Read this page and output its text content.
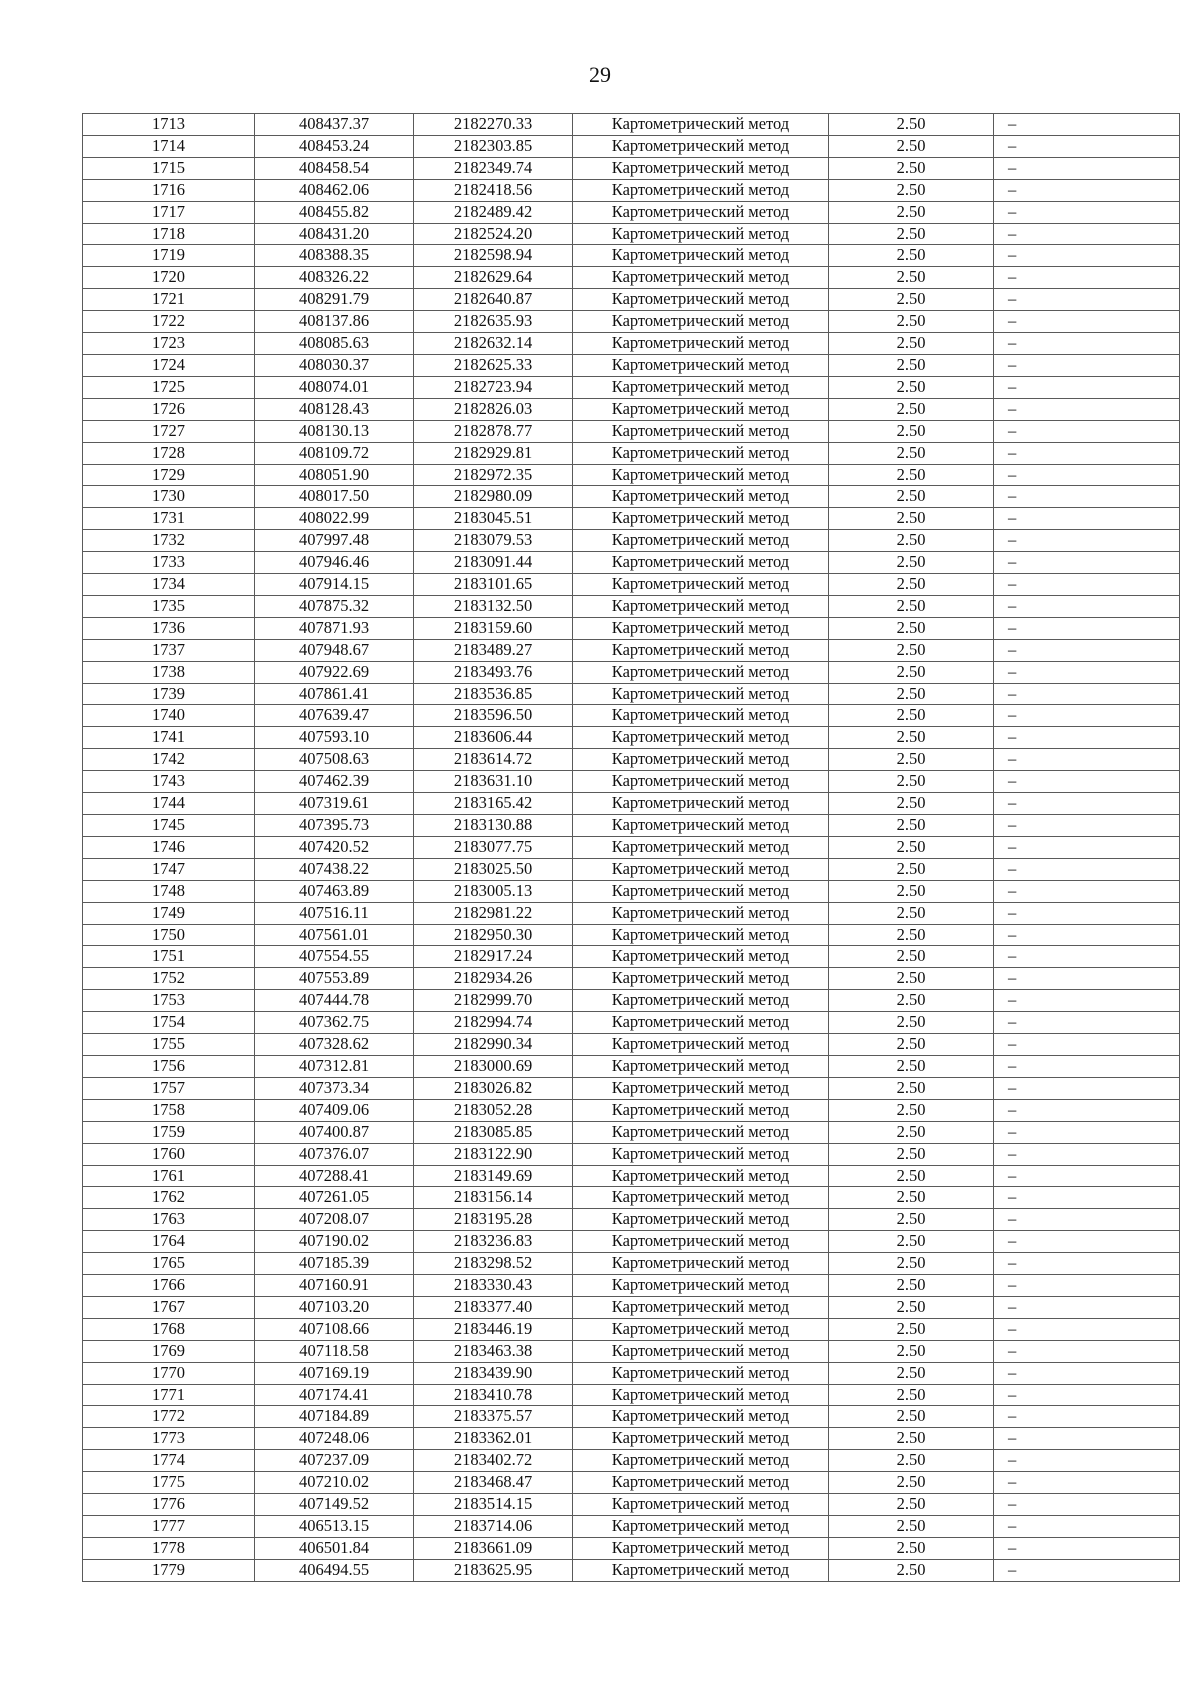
29
1713	408437.37	2182270.33	Картометрический метод	2.50	–
1714	408453.24	2182303.85	Картометрический метод	2.50	–
1715	408458.54	2182349.74	Картометрический метод	2.50	–
1716	408462.06	2182418.56	Картометрический метод	2.50	–
1717	408455.82	2182489.42	Картометрический метод	2.50	–
1718	408431.20	2182524.20	Картометрический метод	2.50	–
1719	408388.35	2182598.94	Картометрический метод	2.50	–
1720	408326.22	2182629.64	Картометрический метод	2.50	–
1721	408291.79	2182640.87	Картометрический метод	2.50	–
1722	408137.86	2182635.93	Картометрический метод	2.50	–
1723	408085.63	2182632.14	Картометрический метод	2.50	–
1724	408030.37	2182625.33	Картометрический метод	2.50	–
1725	408074.01	2182723.94	Картометрический метод	2.50	–
1726	408128.43	2182826.03	Картометрический метод	2.50	–
1727	408130.13	2182878.77	Картометрический метод	2.50	–
1728	408109.72	2182929.81	Картометрический метод	2.50	–
1729	408051.90	2182972.35	Картометрический метод	2.50	–
1730	408017.50	2182980.09	Картометрический метод	2.50	–
1731	408022.99	2183045.51	Картометрический метод	2.50	–
1732	407997.48	2183079.53	Картометрический метод	2.50	–
1733	407946.46	2183091.44	Картометрический метод	2.50	–
1734	407914.15	2183101.65	Картометрический метод	2.50	–
1735	407875.32	2183132.50	Картометрический метод	2.50	–
1736	407871.93	2183159.60	Картометрический метод	2.50	–
1737	407948.67	2183489.27	Картометрический метод	2.50	–
1738	407922.69	2183493.76	Картометрический метод	2.50	–
1739	407861.41	2183536.85	Картометрический метод	2.50	–
1740	407639.47	2183596.50	Картометрический метод	2.50	–
1741	407593.10	2183606.44	Картометрический метод	2.50	–
1742	407508.63	2183614.72	Картометрический метод	2.50	–
1743	407462.39	2183631.10	Картометрический метод	2.50	–
1744	407319.61	2183165.42	Картометрический метод	2.50	–
1745	407395.73	2183130.88	Картометрический метод	2.50	–
1746	407420.52	2183077.75	Картометрический метод	2.50	–
1747	407438.22	2183025.50	Картометрический метод	2.50	–
1748	407463.89	2183005.13	Картометрический метод	2.50	–
1749	407516.11	2182981.22	Картометрический метод	2.50	–
1750	407561.01	2182950.30	Картометрический метод	2.50	–
1751	407554.55	2182917.24	Картометрический метод	2.50	–
1752	407553.89	2182934.26	Картометрический метод	2.50	–
1753	407444.78	2182999.70	Картометрический метод	2.50	–
1754	407362.75	2182994.74	Картометрический метод	2.50	–
1755	407328.62	2182990.34	Картометрический метод	2.50	–
1756	407312.81	2183000.69	Картометрический метод	2.50	–
1757	407373.34	2183026.82	Картометрический метод	2.50	–
1758	407409.06	2183052.28	Картометрический метод	2.50	–
1759	407400.87	2183085.85	Картометрический метод	2.50	–
1760	407376.07	2183122.90	Картометрический метод	2.50	–
1761	407288.41	2183149.69	Картометрический метод	2.50	–
1762	407261.05	2183156.14	Картометрический метод	2.50	–
1763	407208.07	2183195.28	Картометрический метод	2.50	–
1764	407190.02	2183236.83	Картометрический метод	2.50	–
1765	407185.39	2183298.52	Картометрический метод	2.50	–
1766	407160.91	2183330.43	Картометрический метод	2.50	–
1767	407103.20	2183377.40	Картометрический метод	2.50	–
1768	407108.66	2183446.19	Картометрический метод	2.50	–
1769	407118.58	2183463.38	Картометрический метод	2.50	–
1770	407169.19	2183439.90	Картометрический метод	2.50	–
1771	407174.41	2183410.78	Картометрический метод	2.50	–
1772	407184.89	2183375.57	Картометрический метод	2.50	–
1773	407248.06	2183362.01	Картометрический метод	2.50	–
1774	407237.09	2183402.72	Картометрический метод	2.50	–
1775	407210.02	2183468.47	Картометрический метод	2.50	–
1776	407149.52	2183514.15	Картометрический метод	2.50	–
1777	406513.15	2183714.06	Картометрический метод	2.50	–
1778	406501.84	2183661.09	Картометрический метод	2.50	–
1779	406494.55	2183625.95	Картометрический метод	2.50	–
